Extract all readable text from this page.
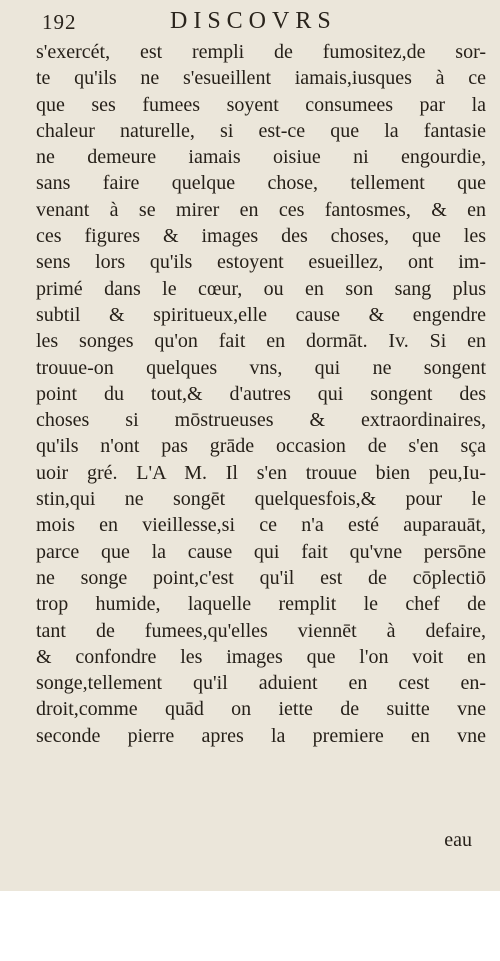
192	DISCOVRS
s'exercét, est rempli de fumositez,de sor-
te qu'ils ne s'esueillent iamais,iusques à ce
que ses fumees soyent consumees par la
chaleur naturelle, si est-ce que la fantasie
ne demeure iamais oisiue ni engourdie,
sans faire quelque chose, tellement que
venant à se mirer en ces fantosmes, & en
ces figures & images des choses, que les
sens lors qu'ils estoyent esueillez, ont im-
primé dans le cœur, ou en son sang plus
subtil & spiritueux,elle cause & engendre
les songes qu'on fait en dormāt. Iv. Si en
trouue-on quelques vns, qui ne songent
point du tout,& d'autres qui songent des
choses si mōstrueuses & extraordinaires,
qu'ils n'ont pas grāde occasion de s'en sça
uoir gré. L'A M. Il s'en trouue bien peu,Iu-
stin,qui ne songēt quelquesfois,& pour le
mois en vieillesse,si ce n'a esté auparauāt,
parce que la cause qui fait qu'vne persōne
ne songe point,c'est qu'il est de cōplectiō
trop humide, laquelle remplit le chef de
tant de fumees,qu'elles viennēt à defaire,
& confondre les images que l'on voit en
songe,tellement qu'il aduient en cest en-
droit,comme quād on iette de suitte vne
seconde pierre apres la premiere en vne
eau
